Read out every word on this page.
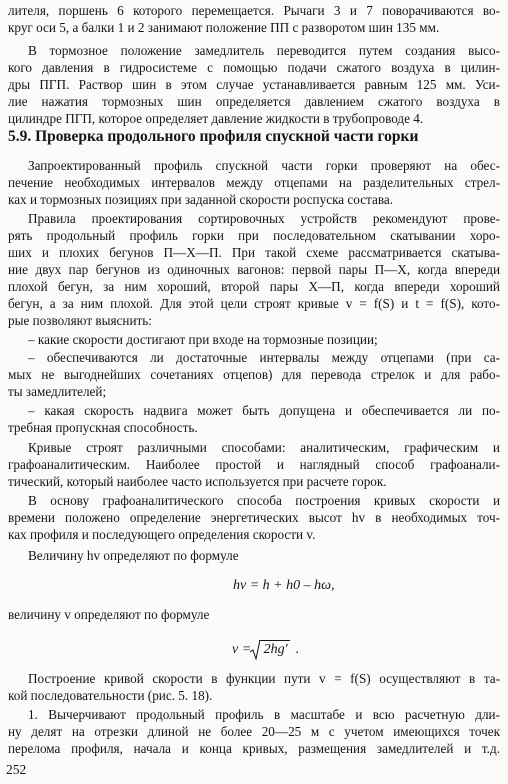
лителя, поршень 6 которого перемещается. Рычаги 3 и 7 поворачиваются во-
круг оси 5, а балки 1 и 2 занимают положение ПП с разворотом шин 135 мм.
В тормозное положение замедлитель переводится путем создания высо-
кого давления в гидросистеме с помощью подачи сжатого воздуха в цилин-
дры ПГП. Раствор шин в этом случае устанавливается равным 125 мм. Уси-
лие нажатия тормозных шин определяется давлением сжатого воздуха в
цилиндре ПГП, которое определяет давление жидкости в трубопроводе 4.
5.9. Проверка продольного профиля спускной части горки
Запроектированный профиль спускной части горки проверяют на обес-
печение необходимых интервалов между отцепами на разделительных стрел-
ках и тормозных позициях при заданной скорости роспуска состава.
Правила проектирования сортировочных устройств рекомендуют прове-
рять продольный профиль горки при последовательном скатывании хоро-
ших и плохих бегунов П—Х—П. При такой схеме рассматривается скатыва-
ние двух пар бегунов из одиночных вагонов: первой пары П—Х, когда впереди
плохой бегун, за ним хороший, второй пары Х—П, когда впереди хороший
бегун, а за ним плохой. Для этой цели строят кривые v = f(S) и t = f(S), кото-
рые позволяют выяснить:
– какие скорости достигают при входе на тормозные позиции;
– обеспечиваются ли достаточные интервалы между отцепами (при са-
мых не выгоднейших сочетаниях отцепов) для перевода стрелок и для рабо-
ты замедлителей;
– какая скорость надвига может быть допущена и обеспечивается ли по-
требная пропускная способность.
Кривые строят различными способами: аналитическим, графическим и
графоаналитическим. Наиболее простой и наглядный способ графоанали-
тический, который наиболее часто используется при расчете горок.
В основу графоаналитического способа построения кривых скорости и
времени положено определение энергетических высот hv в необходимых точ-
ках профиля и последующего определения скорости v.
Величину hv определяют по формуле
hv = h + h0 – hω,
величину v определяют по формуле
v = 2hg′ .
Построение кривой скорости в функции пути v = f(S) осуществляют в та-
кой последовательности (рис. 5. 18).
1. Вычерчивают продольный профиль в масштабе и всю расчетную дли-
ну делят на отрезки длиной не более 20—25 м с учетом имеющихся точек
перелома профиля, начала и конца кривых, размещения замедлителей и т.д.
252
